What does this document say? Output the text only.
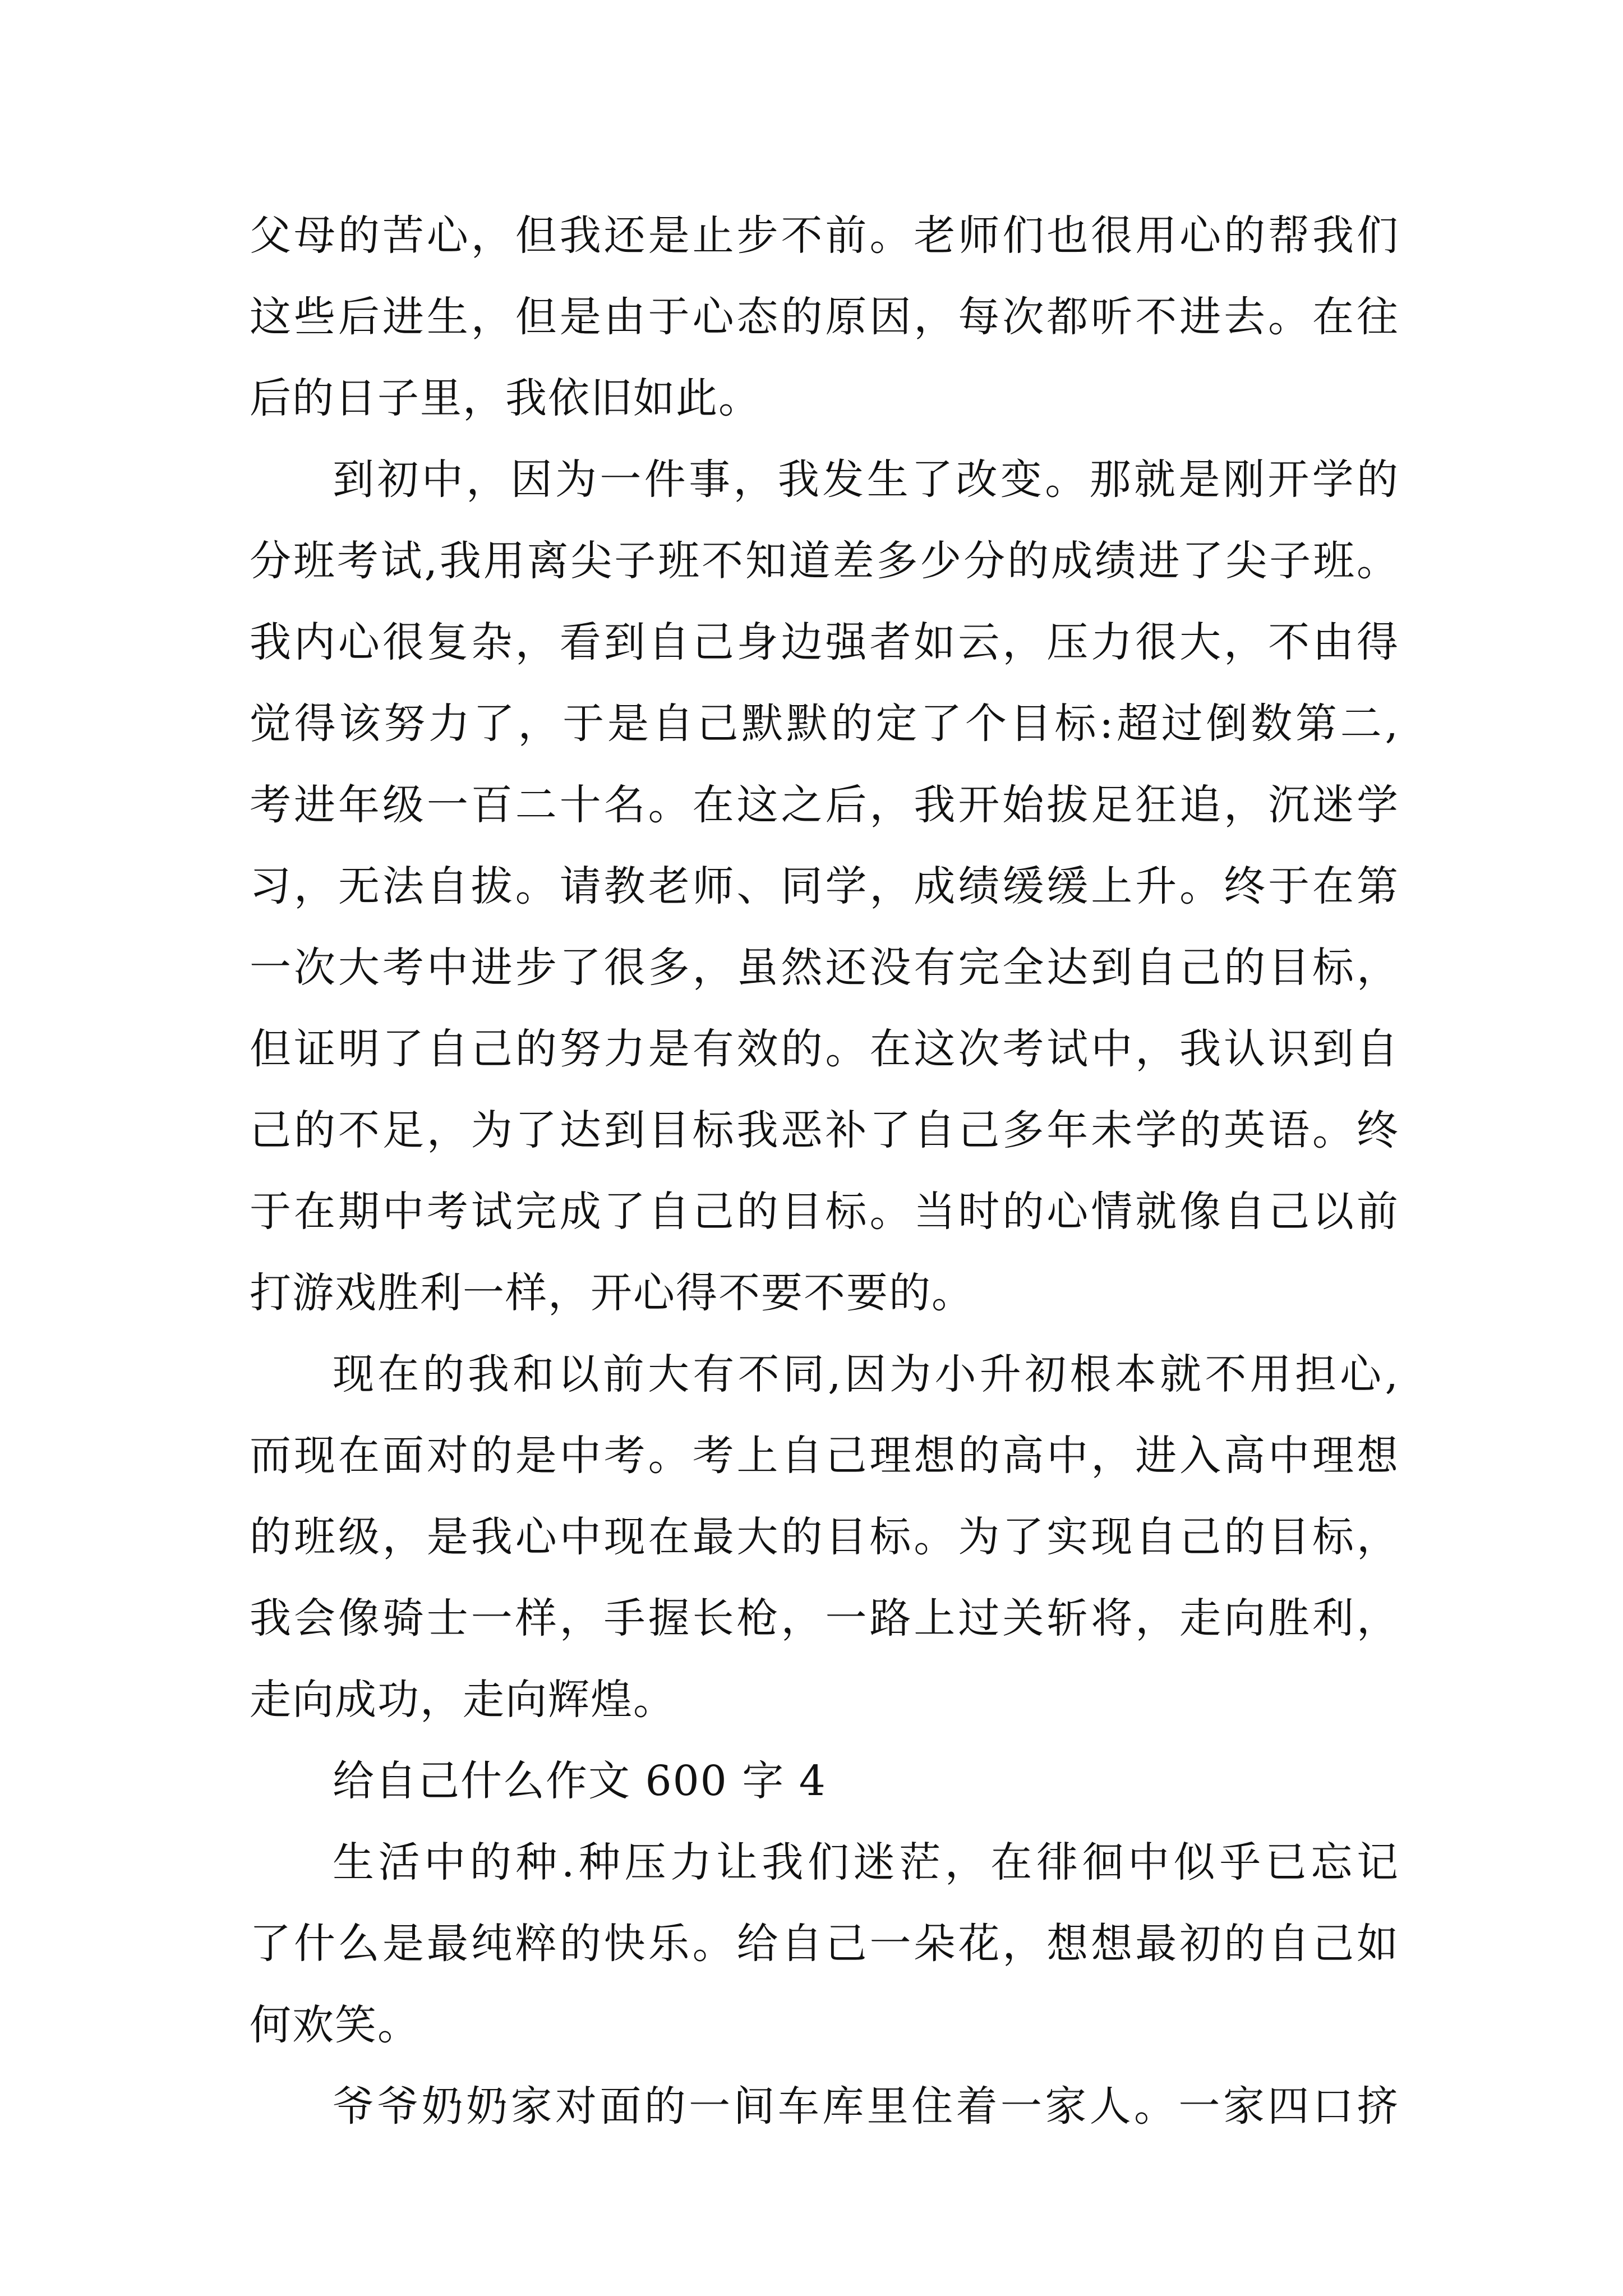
父母的苦心，但我还是止步不前。老师们也很用心的帮我们
这些后进生，但是由于心态的原因，每次都听不进去。在往
后的日子里，我依旧如此。
到初中，因为一件事，我发生了改变。那就是刚开学的
分班考试,我用离尖子班不知道差多少分的成绩进了尖子班。
我内心很复杂，看到自己身边强者如云，压力很大，不由得
觉得该努力了，于是自己默默的定了个目标:超过倒数第二,
考进年级一百二十名。在这之后，我开始拔足狂追，沉迷学
习，无法自拔。请教老师、同学，成绩缓缓上升。终于在第
一次大考中进步了很多，虽然还没有完全达到自己的目标，
但证明了自己的努力是有效的。在这次考试中，我认识到自
己的不足，为了达到目标我恶补了自己多年未学的英语。终
于在期中考试完成了自己的目标。当时的心情就像自己以前
打游戏胜利一样，开心得不要不要的。
现在的我和以前大有不同,因为小升初根本就不用担心,
而现在面对的是中考。考上自己理想的高中，进入高中理想
的班级，是我心中现在最大的目标。为了实现自己的目标，
我会像骑士一样，手握长枪，一路上过关斩将，走向胜利，
走向成功，走向辉煌。
给自己什么作文 600 字 4
生活中的种.种压力让我们迷茫，在徘徊中似乎已忘记
了什么是最纯粹的快乐。给自己一朵花，想想最初的自己如
何欢笑。
爷爷奶奶家对面的一间车库里住着一家人。一家四口挤
